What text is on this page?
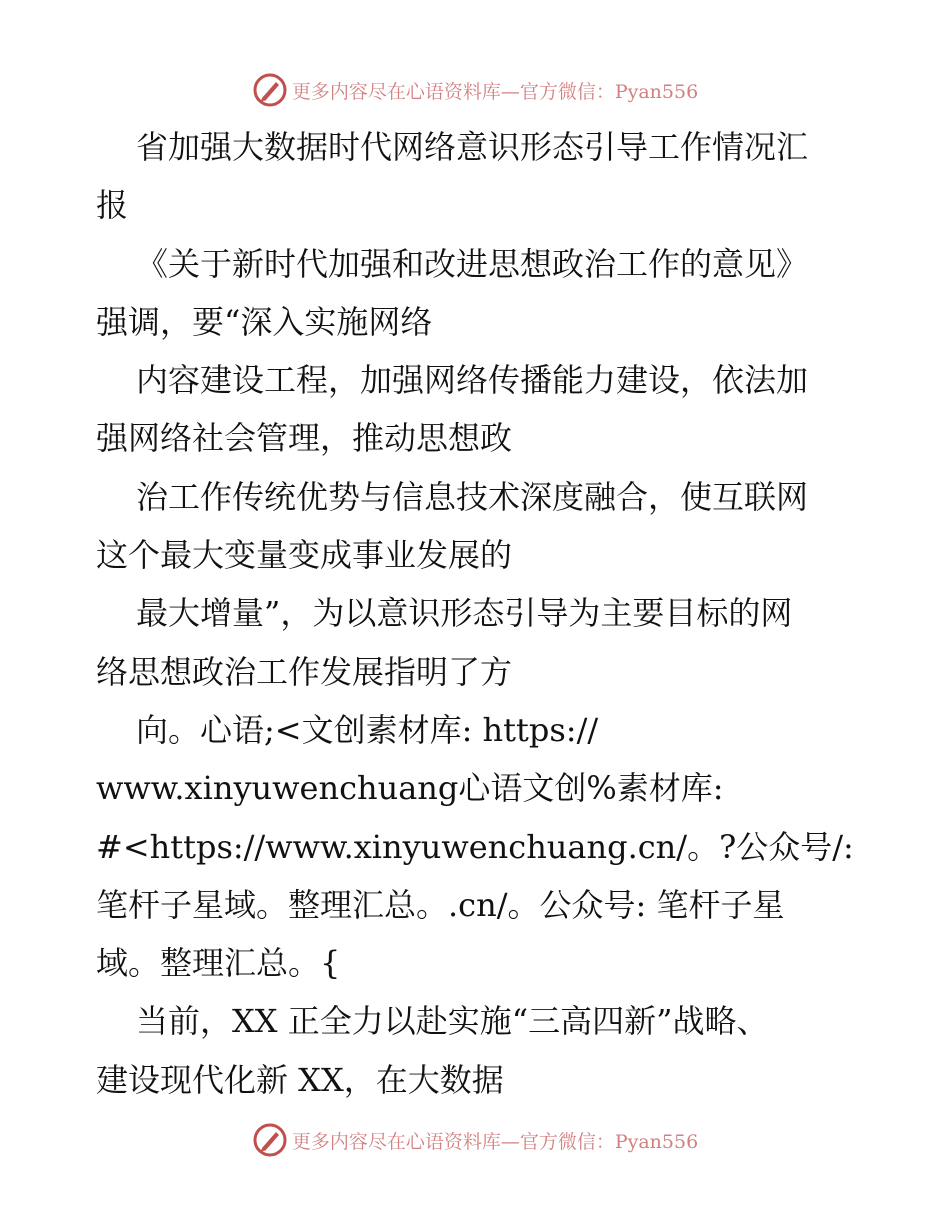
更多内容尽在心语资料库—官方微信：Pyan556
省加强大数据时代网络意识形态引导工作情况汇
报
《关于新时代加强和改进思想政治工作的意见》
强调，要“深入实施网络
内容建设工程，加强网络传播能力建设，依法加
强网络社会管理，推动思想政
治工作传统优势与信息技术深度融合，使互联网
这个最大变量变成事业发展的
最大增量”，为以意识形态引导为主要目标的网
络思想政治工作发展指明了方
向。心语;<文创素材库: https://
www.xinyuwenchuang心语文创%素材库:
#<https://www.xinyuwenchuang.cn/。?公众号/:
笔杆子星域。整理汇总。.cn/。公众号: 笔杆子星
域。整理汇总。{
当前，XX 正全力以赴实施“三高四新”战略、
建设现代化新 XX，在大数据
更多内容尽在心语资料库—官方微信：Pyan556
